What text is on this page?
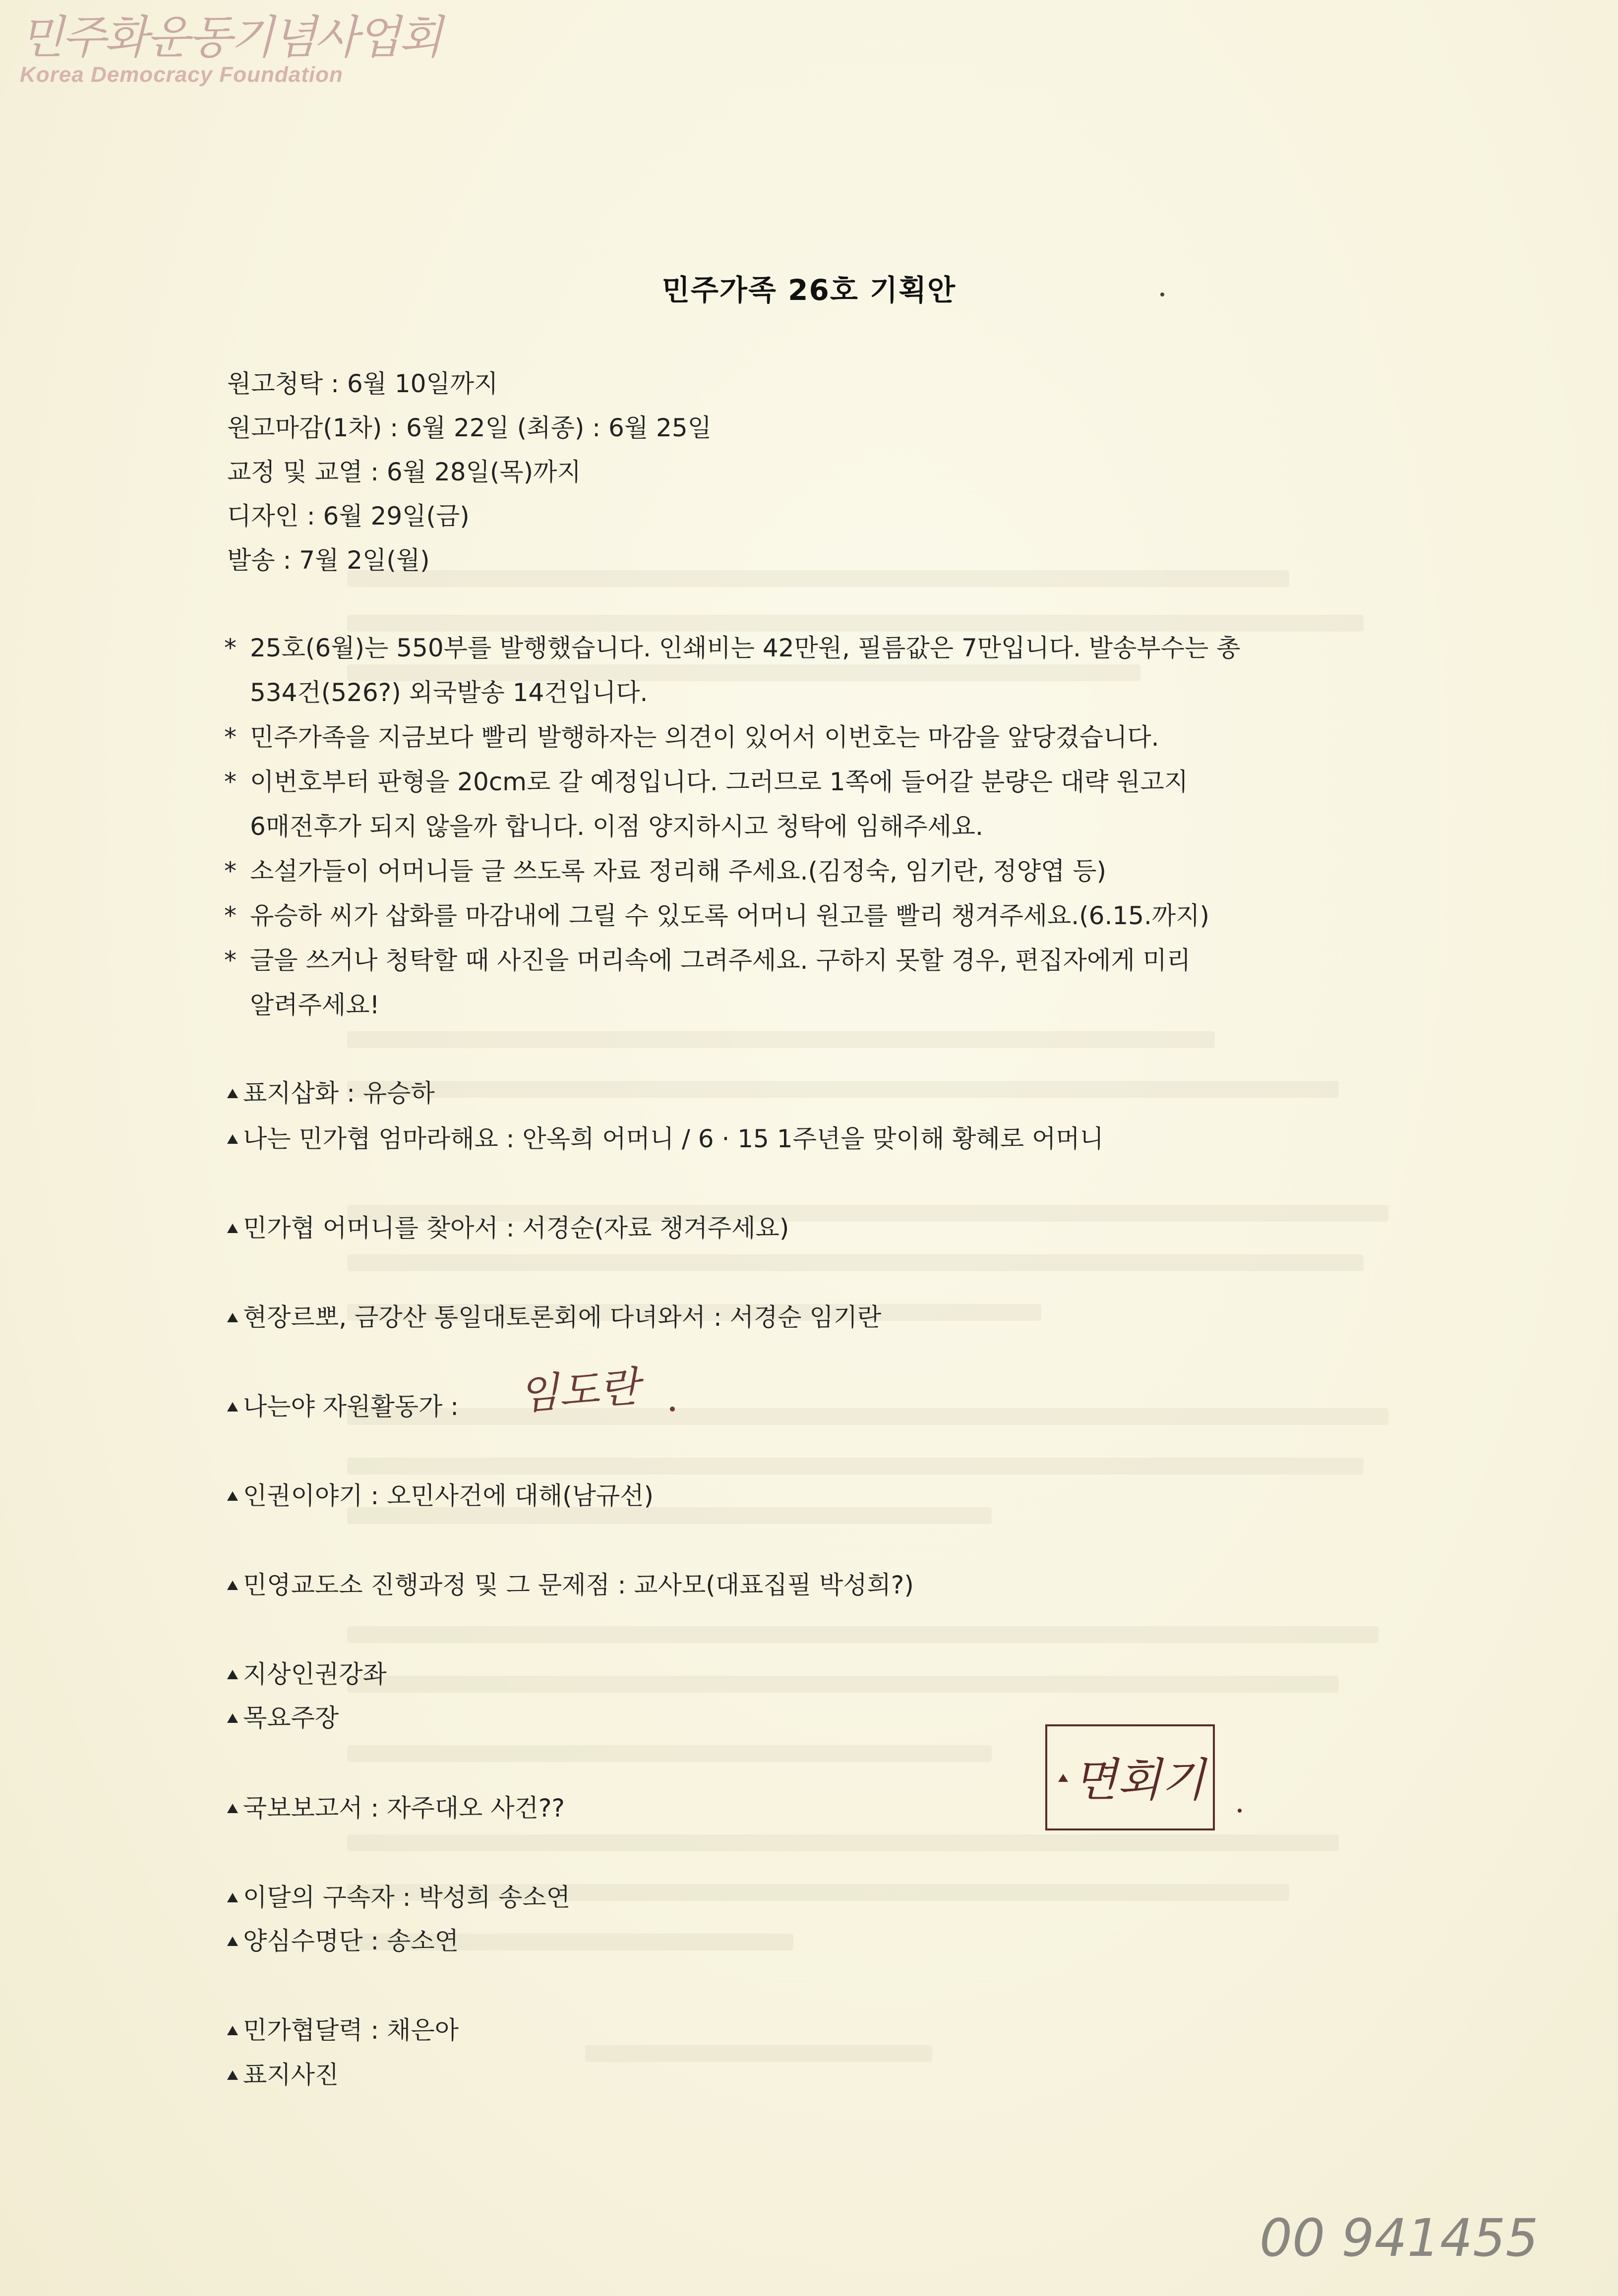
민주화운동기념사업회
Korea Democracy Foundation
민주가족 26호 기획안
원고청탁 : 6월 10일까지
원고마감(1차) : 6월 22일 (최종) : 6월 25일
교정 및 교열 : 6월 28일(목)까지
디자인 : 6월 29일(금)
발송 : 7월 2일(월)
* 25호(6월)는 550부를 발행했습니다. 인쇄비는 42만원, 필름값은 7만입니다. 발송부수는 총
534건(526?) 외국발송 14건입니다.
* 민주가족을 지금보다 빨리 발행하자는 의견이 있어서 이번호는 마감을 앞당겼습니다.
* 이번호부터 판형을 20cm로 갈 예정입니다. 그러므로 1쪽에 들어갈 분량은 대략 원고지
6매전후가 되지 않을까 합니다. 이점 양지하시고 청탁에 임해주세요.
* 소설가들이 어머니들 글 쓰도록 자료 정리해 주세요.(김정숙, 임기란, 정양엽 등)
* 유승하 씨가 삽화를 마감내에 그릴 수 있도록 어머니 원고를 빨리 챙겨주세요.(6.15.까지)
* 글을 쓰거나 청탁할 때 사진을 머리속에 그려주세요. 구하지 못할 경우, 편집자에게 미리
알려주세요!
표지삽화 : 유승하
나는 민가협 엄마라해요 : 안옥희 어머니 / 6 · 15 1주년을 맞이해 황혜로 어머니
민가협 어머니를 찾아서 : 서경순(자료 챙겨주세요)
현장르뽀, 금강산 통일대토론회에 다녀와서 : 서경순 임기란
나는야 자원활동가 :
인권이야기 : 오민사건에 대해(남규선)
민영교도소 진행과정 및 그 문제점 : 교사모(대표집필 박성희?)
지상인권강좌
목요주장
국보보고서 : 자주대오 사건??
이달의 구속자 : 박성희 송소연
양심수명단 : 송소연
민가협달력 : 채은아
표지사진
임도란
면회기
00 941455
